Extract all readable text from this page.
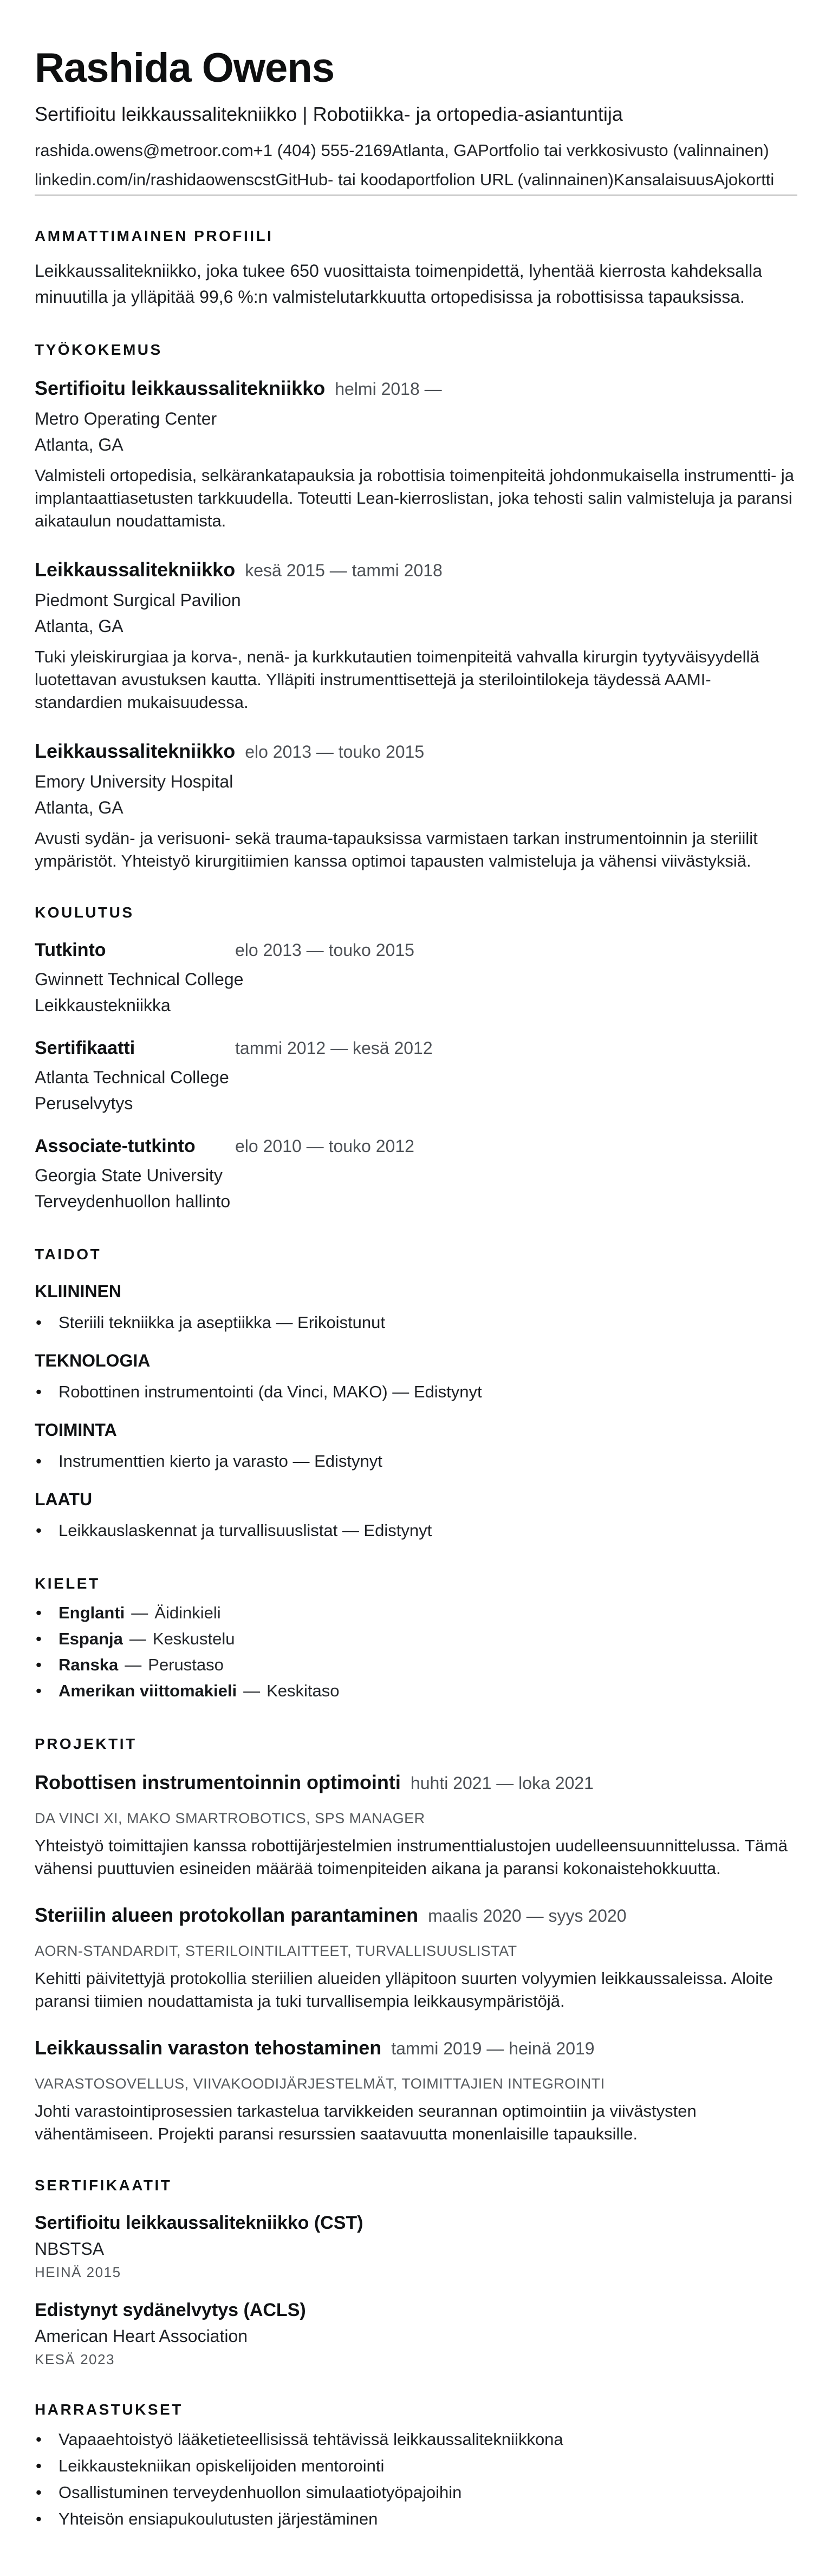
Rashida Owens
Sertifioitu leikkaussalitekniikko | Robotiikka- ja ortopedia-asiantuntija
rashida.owens@metroor.com+1 (404) 555-2169Atlanta, GAPortfolio tai verkkosivusto (valinnainen)
linkedin.com/in/rashidaowenscstGitHub- tai koodaportfolion URL (valinnainen)KansalaisuusAjokortti
AMMATTIMAINEN PROFIILI

Leikkaussalitekniikko, joka tukee 650 vuosittaista toimenpidettä, lyhentää kierrosta kahdeksalla minuutilla ja ylläpitää 99,6 %:n valmistelutarkkuutta ortopedisissa ja robottisissa tapauksissa.

TYÖKOKEMUS
Sertifioitu leikkaussalitekniikko helmi 2018 —
Metro Operating Center
Atlanta, GA

Valmisteli ortopedisia, selkärankatapauksia ja robottisia toimenpiteitä johdonmukaisella instrumentti- ja implantaattiasetusten tarkkuudella. Toteutti Lean-kierroslistan, joka tehosti salin valmisteluja ja paransi aikataulun noudattamista.

Leikkaussalitekniikko kesä 2015 — tammi 2018
Piedmont Surgical Pavilion
Atlanta, GA

Tuki yleiskirurgiaa ja korva-, nenä- ja kurkkutautien toimenpiteitä vahvalla kirurgin tyytyväisyydellä luotettavan avustuksen kautta. Ylläpiti instrumenttisettejä ja sterilointilokeja täydessä AAMI-standardien mukaisuudessa.

Leikkaussalitekniikko elo 2013 — touko 2015
Emory University Hospital
Atlanta, GA

Avusti sydän- ja verisuoni- sekä trauma-tapauksissa varmistaen tarkan instrumentoinnin ja steriilit ympäristöt. Yhteistyö kirurgitiimien kanssa optimoi tapausten valmisteluja ja vähensi viivästyksiä.

KOULUTUS
Tutkinto	elo 2013 — touko 2015
Gwinnett Technical College
Leikkaustekniikka
Sertifikaatti	tammi 2012 — kesä 2012
Atlanta Technical College
Peruselvytys
Associate-tutkinto elo 2010 — touko 2012
Georgia State University
Terveydenhuollon hallinto
TAIDOT
KLIININEN
• Steriili tekniikka ja aseptiikka — Erikoistunut
TEKNOLOGIA
• Robottinen instrumentointi (da Vinci, MAKO) — Edistynyt
TOIMINTA
• Instrumenttien kierto ja varasto — Edistynyt
LAATU
• Leikkauslaskennat ja turvallisuuslistat — Edistynyt
KIELET
• Englanti — Äidinkieli
• Espanja — Keskustelu
• Ranska — Perustaso
• Amerikan viittomakieli — Keskitaso
PROJEKTIT
Robottisen instrumentoinnin optimointi huhti 2021 — loka 2021
DA VINCI XI, MAKO SMARTROBOTICS, SPS MANAGER

Yhteistyö toimittajien kanssa robottijärjestelmien instrumenttialustojen uudelleensuunnittelussa. Tämä vähensi puuttuvien esineiden määrää toimenpiteiden aikana ja paransi kokonaistehokkuutta.

Steriilin alueen protokollan parantaminen maalis 2020 — syys 2020
AORN-STANDARDIT, STERILOINTILAITTEET, TURVALLISUUSLISTAT

Kehitti päivitettyjä protokollia steriilien alueiden ylläpitoon suurten volyymien leikkaussaleissa. Aloite paransi tiimien noudattamista ja tuki turvallisempia leikkausympäristöjä.

Leikkaussalin varaston tehostaminen tammi 2019 — heinä 2019
VARASTOSOVELLUS, VIIVAKOODIJÄRJESTELMÄT, TOIMITTAJIEN INTEGROINTI

Johti varastointiprosessien tarkastelua tarvikkeiden seurannan optimointiin ja viivästysten vähentämiseen. Projekti paransi resurssien saatavuutta monenlaisille tapauksille.

SERTIFIKAATIT
Sertifioitu leikkaussalitekniikko (CST)
NBSTSA
HEINÄ 2015
Edistynyt sydänelvytys (ACLS)
American Heart Association
KESÄ 2023
HARRASTUKSET
• Vapaaehtoistyö lääketieteellisissä tehtävissä leikkaussalitekniikkona
• Leikkaustekniikan opiskelijoiden mentorointi
• Osallistuminen terveydenhuollon simulaatiotyöpajoihin
• Yhteisön ensiapukoulutusten järjestäminen
